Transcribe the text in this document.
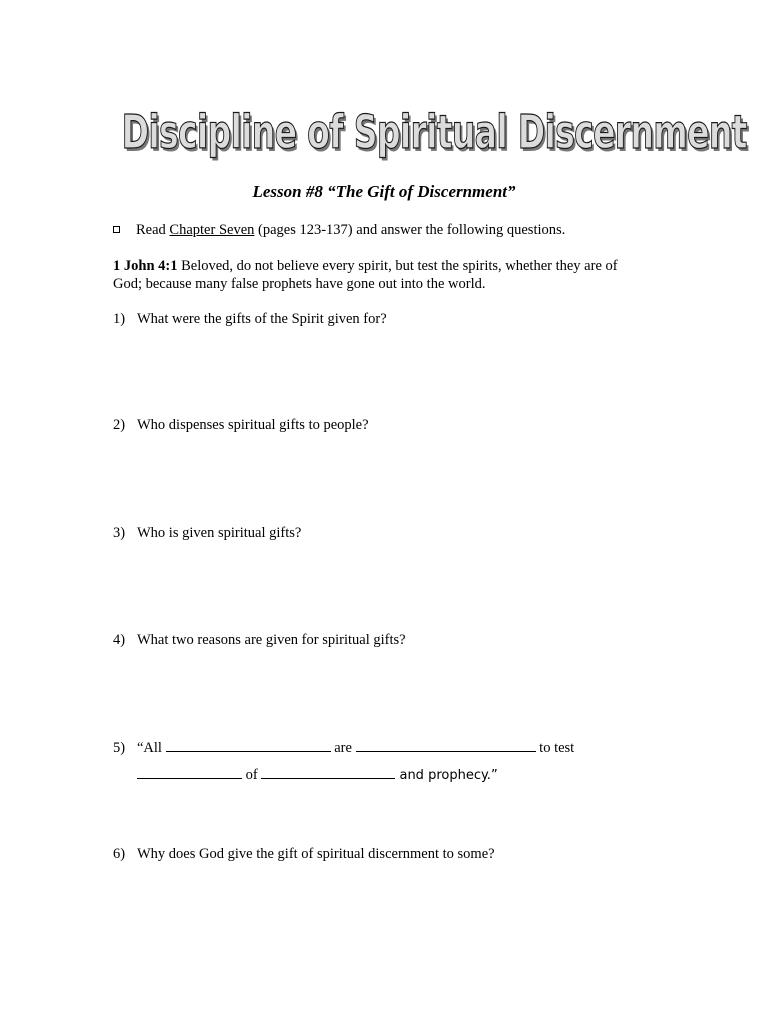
Discipline of Spiritual Discernment
Lesson #8 “The Gift of Discernment”
Read Chapter Seven (pages 123-137) and answer the following questions.
1 John 4:1 Beloved, do not believe every spirit, but test the spirits, whether they are of God; because many false prophets have gone out into the world.
1) What were the gifts of the Spirit given for?
2) Who dispenses spiritual gifts to people?
3) Who is given spiritual gifts?
4) What two reasons are given for spiritual gifts?
5) “All	are	to test
of	and prophecy.”
6) Why does God give the gift of spiritual discernment to some?
